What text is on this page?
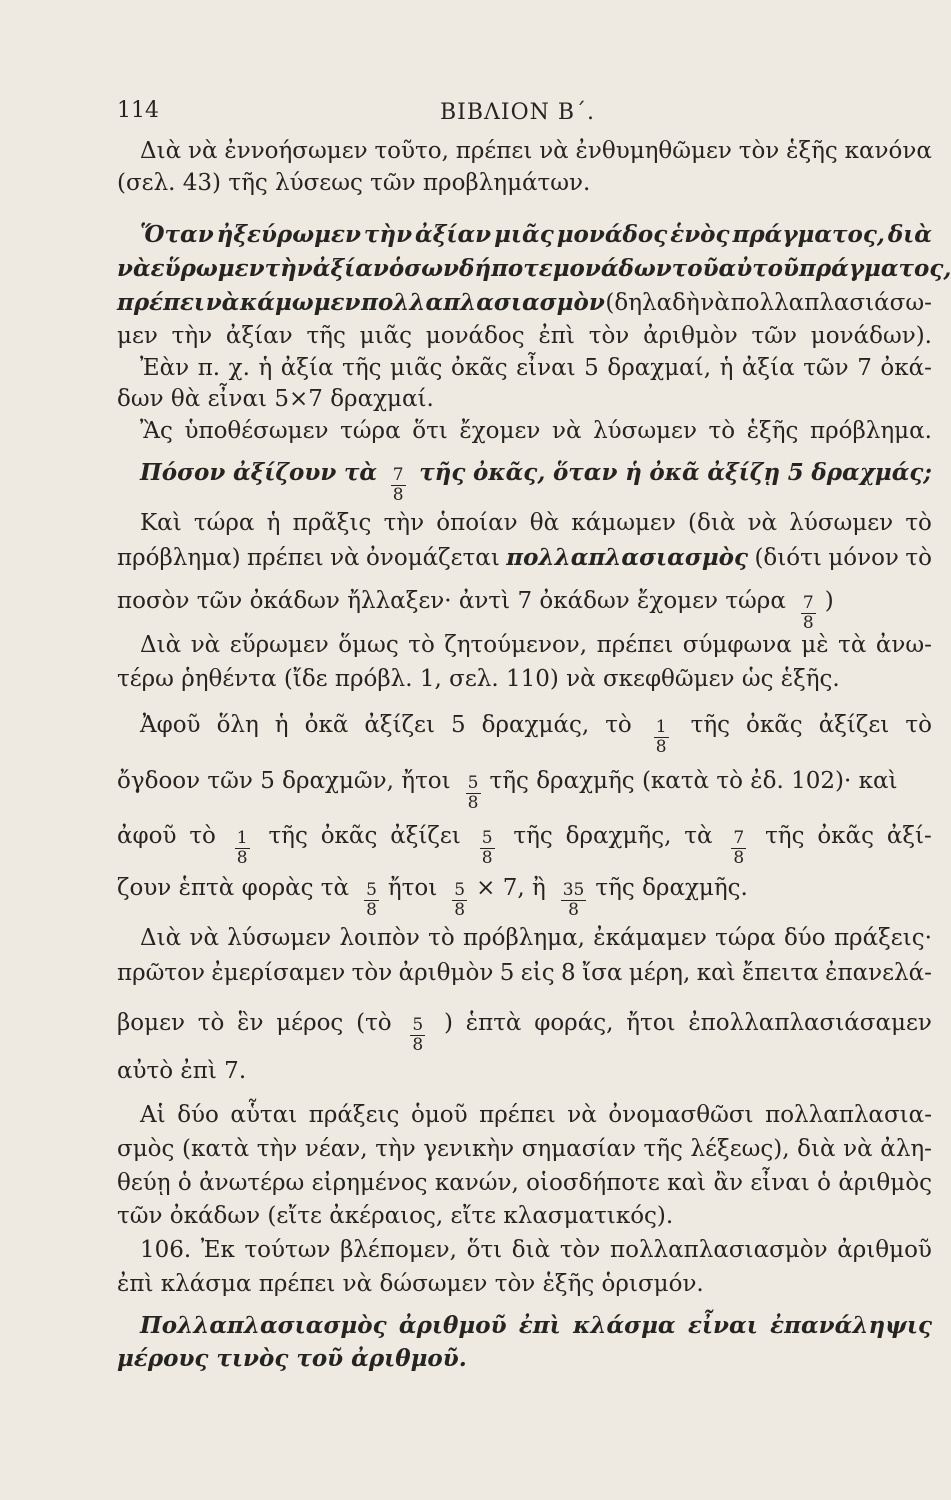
114	ΒΙΒΛΙΟΝ Β΄.
Διὰ νὰ ἐννοήσωμεν τοῦτο, πρέπει νὰ ἐνθυμηθῶμεν τὸν ἑξῆς κανόνα
(σελ. 43) τῆς λύσεως τῶν προβλημάτων.
Ὅταν ἠξεύρωμεν τὴν ἀξίαν μιᾶς μονάδος ἑνὸς πράγματος, διὰ
νὰ εὕρωμεν τὴν ἀξίαν ὁσωνδήποτε μονάδων τοῦ αὐτοῦ πράγματος,
πρέπει νὰ κάμωμεν πολλαπλασιασμὸν (δηλαδὴ νὰ πολλαπλασιάσω-
μεν τὴν ἀξίαν τῆς μιᾶς μονάδος ἐπὶ τὸν ἀριθμὸν τῶν μονάδων).
Ἐὰν π. χ. ἡ ἀξία τῆς μιᾶς ὀκᾶς εἶναι 5 δραχμαί, ἡ ἀξία τῶν 7 ὀκά-
δων θὰ εἶναι 5×7 δραχμαί.
Ἂς ὑποθέσωμεν τώρα ὅτι ἔχομεν νὰ λύσωμεν τὸ ἑξῆς πρόβλημα.
Πόσον ἀξίζουν τὰ $\frac{7}{8}$ τῆς ὀκᾶς, ὅταν ἡ ὀκᾶ ἀξίζῃ 5 δραχμάς;
Καὶ τώρα ἡ πρᾶξις τὴν ὁποίαν θὰ κάμωμεν (διὰ νὰ λύσωμεν τὸ
πρόβλημα) πρέπει νὰ ὀνομάζεται πολλαπλασιασμὸς (διότι μόνον τὸ
ποσὸν τῶν ὀκάδων ἤλλαξεν· ἀντὶ 7 ὀκάδων ἔχομεν τώρα $\frac{7}{8}$ )
Διὰ νὰ εὕρωμεν ὅμως τὸ ζητούμενον, πρέπει σύμφωνα μὲ τὰ ἀνω-
τέρω ῥηθέντα (ἴδε πρόβλ. 1, σελ. 110) νὰ σκεφθῶμεν ὡς ἑξῆς.
Ἀφοῦ ὅλη ἡ ὀκᾶ ἀξίζει 5 δραχμάς, τὸ $\frac{1}{8}$ τῆς ὀκᾶς ἀξίζει τὸ
ὄγδοον τῶν 5 δραχμῶν, ἤτοι $\frac{5}{8}$ τῆς δραχμῆς (κατὰ τὸ ἐδ. 102)· καὶ
ἀφοῦ τὸ $\frac{1}{8}$ τῆς ὀκᾶς ἀξίζει $\frac{5}{8}$ τῆς δραχμῆς, τὰ $\frac{7}{8}$ τῆς ὀκᾶς ἀξί-
ζουν ἑπτὰ φορὰς τὰ $\frac{5}{8}$ ἤτοι $\frac{5}{8} \times 7$, ἢ $\frac{35}{8}$ τῆς δραχμῆς.
Διὰ νὰ λύσωμεν λοιπὸν τὸ πρόβλημα, ἐκάμαμεν τώρα δύο πράξεις·
πρῶτον ἐμερίσαμεν τὸν ἀριθμὸν 5 εἰς 8 ἴσα μέρη, καὶ ἔπειτα ἐπανελά-
βομεν τὸ ἓν μέρος (τὸ $\frac{5}{8}$ ) ἑπτὰ φοράς, ἤτοι ἐπολλαπλασιάσαμεν
αὐτὸ ἐπὶ 7.
Αἱ δύο αὗται πράξεις ὁμοῦ πρέπει νὰ ὀνομασθῶσι πολλαπλασια-
σμὸς (κατὰ τὴν νέαν, τὴν γενικὴν σημασίαν τῆς λέξεως), διὰ νὰ ἀλη-
θεύῃ ὁ ἀνωτέρω εἰρημένος κανών, οἱοσδήποτε καὶ ἂν εἶναι ὁ ἀριθμὸς
τῶν ὀκάδων (εἴτε ἀκέραιος, εἴτε κλασματικός).
106. Ἐκ τούτων βλέπομεν, ὅτι διὰ τὸν πολλαπλασιασμὸν ἀριθμοῦ
ἐπὶ κλάσμα πρέπει νὰ δώσωμεν τὸν ἑξῆς ὁρισμόν.
Πολλαπλασιασμὸς ἀριθμοῦ ἐπὶ κλάσμα εἶναι ἐπανάληψις
μέρους τινὸς τοῦ ἀριθμοῦ.
